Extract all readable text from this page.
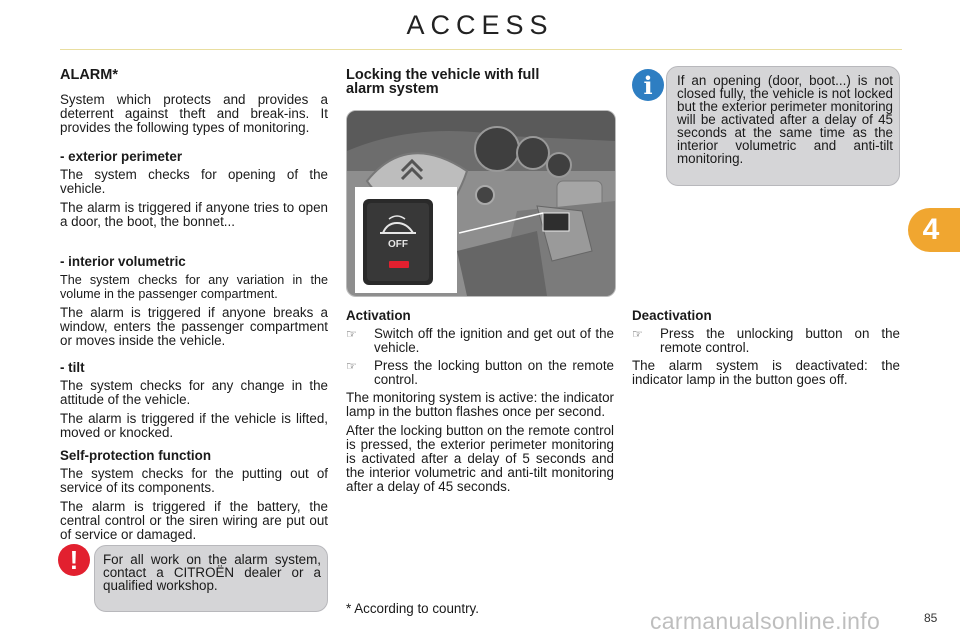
ACCESS
4
ALARM*

System which protects and provides a deterrent against theft and break-ins. It provides the following types of monitoring.

- exterior perimeter

The system checks for opening of the vehicle.

The alarm is triggered if anyone tries to open a door, the boot, the bonnet...

- interior volumetric

The system checks for any variation in the volume in the passenger compartment.

The alarm is triggered if anyone breaks a window, enters the passenger compartment or moves inside the vehicle.

- tilt

The system checks for any change in the attitude of the vehicle.

The alarm is triggered if the vehicle is lifted, moved or knocked.

Self-protection function

The system checks for the putting out of service of its components.

The alarm is triggered if the battery, the central control or the siren wiring are put out of service or damaged.

!	For all work on the alarm system, contact a CITROËN dealer or a qualified workshop.
Locking the vehicle with full
alarm system
OFF
Activation
☞	Switch off the ignition and get out of the vehicle.
☞	Press the locking button on the remote control.

The monitoring system is active: the indicator lamp in the button flashes once per second.

After the locking button on the remote control is pressed, the exterior perimeter monitoring is activated after a delay of 5 seconds and the interior volumetric and anti-tilt monitoring after a delay of 45 seconds.

i	If an opening (door, boot...) is not closed fully, the vehicle is not locked but the exterior perimeter monitoring will be activated after a delay of 45 seconds at the same time as the interior volumetric and anti-tilt monitoring.
Deactivation
☞	Press the unlocking button on the remote control.

The alarm system is deactivated: the indicator lamp in the button goes off.

* According to country.	carmanualsonline.info	85
